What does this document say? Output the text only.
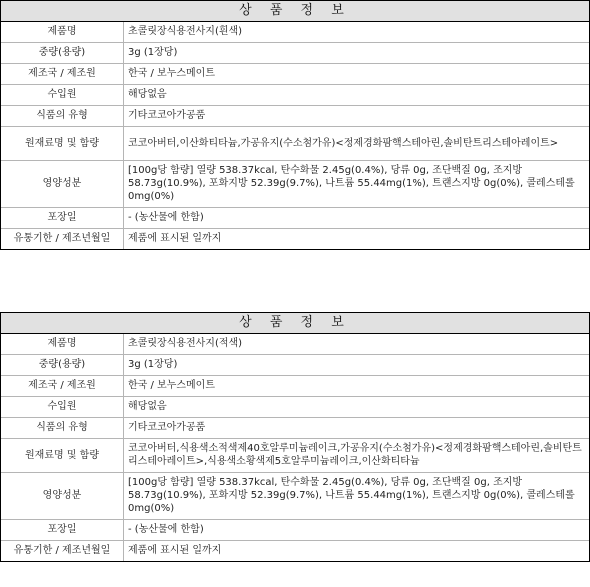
상 품 정 보
제품명	초콜릿장식용전사지(흰색)
중량(용량)	3g (1장당)
제조국 / 제조원	한국 / 보누스메이트
수입원	해당없음
식품의 유형	기타코코아가공품
원재료명 및 함량	코코아버터,이산화티타늄,가공유지(수소첨가유)<정제경화팜핵스테아린,솔비탄트리스테아레이트>
영양성분	[100g당 함량] 열량 538.37kcal, 탄수화물 2.45g(0.4%), 당류 0g, 조단백질 0g, 조지방 58.73g(10.9%), 포화지방 52.39g(9.7%), 나트륨 55.44mg(1%), 트랜스지방 0g(0%), 콜레스테롤 0mg(0%)
포장일	- (농산물에 한함)
유통기한 / 제조년월일	제품에 표시된 일까지
상 품 정 보
제품명	초콜릿장식용전사지(적색)
중량(용량)	3g (1장당)
제조국 / 제조원	한국 / 보누스메이트
수입원	해당없음
식품의 유형	기타코코아가공품
원재료명 및 함량	코코아버터,식용색소적색제40호알루미늄레이크,가공유지(수소첨가유)<정제경화팜핵스테아린,솔비탄트리스테아레이트>,식용색소황색제5호알루미늄레이크,이산화티타늄
영양성분	[100g당 함량] 열량 538.37kcal, 탄수화물 2.45g(0.4%), 당류 0g, 조단백질 0g, 조지방 58.73g(10.9%), 포화지방 52.39g(9.7%), 나트륨 55.44mg(1%), 트랜스지방 0g(0%), 콜레스테롤 0mg(0%)
포장일	- (농산물에 한함)
유통기한 / 제조년월일	제품에 표시된 일까지
